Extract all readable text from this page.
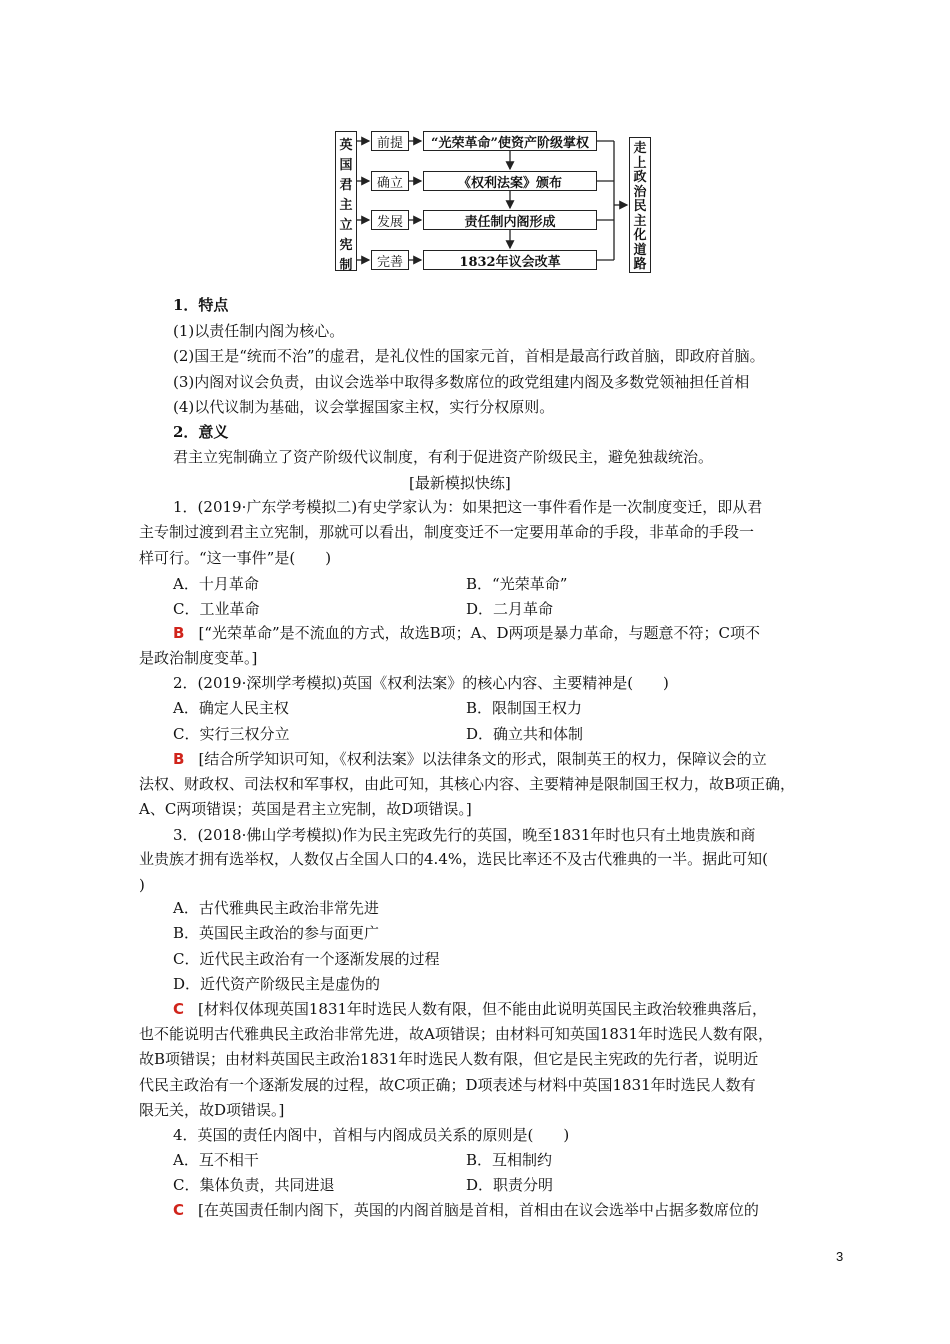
英国君主立宪制
前提
确立
发展
完善
“光荣革命”使资产阶级掌权
《权利法案》颁布
责任制内阁形成
1832年议会改革
走上政治民主化道路
1．特点
(1)以责任制内阁为核心。
(2)国王是“统而不治”的虚君，是礼仪性的国家元首，首相是最高行政首脑，即政府首脑。
(3)内阁对议会负责，由议会选举中取得多数席位的政党组建内阁及多数党领袖担任首相
(4)以代议制为基础，议会掌握国家主权，实行分权原则。
2．意义
君主立宪制确立了资产阶级代议制度，有利于促进资产阶级民主，避免独裁统治。
[最新模拟快练]
1．(2019·广东学考模拟二)有史学家认为：如果把这一事件看作是一次制度变迁，即从君
主专制过渡到君主立宪制，那就可以看出，制度变迁不一定要用革命的手段，非革命的手段一
样可行。“这一事件”是(　　)
A．十月革命	B．“光荣革命”
C．工业革命	D．二月革命
B [“光荣革命”是不流血的方式，故选B项；A、D两项是暴力革命，与题意不符；C项不
是政治制度变革。]
2．(2019·深圳学考模拟)英国《权利法案》的核心内容、主要精神是(　　)
A．确定人民主权	B．限制国王权力
C．实行三权分立	D．确立共和体制
B [结合所学知识可知，《权利法案》以法律条文的形式，限制英王的权力，保障议会的立
法权、财政权、司法权和军事权，由此可知，其核心内容、主要精神是限制国王权力，故B项正确，
A、C两项错误；英国是君主立宪制，故D项错误。]
3．(2018·佛山学考模拟)作为民主宪政先行的英国，晚至1831年时也只有土地贵族和商
业贵族才拥有选举权，人数仅占全国人口的4.4%，选民比率还不及古代雅典的一半。据此可知(
)
A．古代雅典民主政治非常先进
B．英国民主政治的参与面更广
C．近代民主政治有一个逐渐发展的过程
D．近代资产阶级民主是虚伪的
C [材料仅体现英国1831年时选民人数有限，但不能由此说明英国民主政治较雅典落后，
也不能说明古代雅典民主政治非常先进，故A项错误；由材料可知英国1831年时选民人数有限，
故B项错误；由材料英国民主政治1831年时选民人数有限，但它是民主宪政的先行者，说明近
代民主政治有一个逐渐发展的过程，故C项正确；D项表述与材料中英国1831年时选民人数有
限无关，故D项错误。]
4．英国的责任内阁中，首相与内阁成员关系的原则是(　　)
A．互不相干	B．互相制约
C．集体负责，共同进退	D．职责分明
C [在英国责任制内阁下，英国的内阁首脑是首相，首相由在议会选举中占据多数席位的
3
